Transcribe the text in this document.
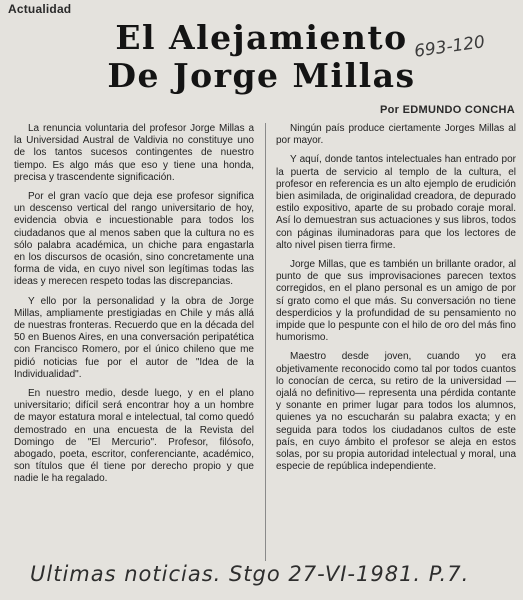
Actualidad
El Alejamiento
De Jorge Millas
693-120
Por EDMUNDO CONCHA

La renuncia voluntaria del profesor Jorge Millas a la Universidad Austral de Valdivia no constituye uno de los tantos sucesos contingentes de nuestro tiempo. Es algo más que eso y tiene una honda, precisa y trascendente significación.

Por el gran vacío que deja ese profesor significa un descenso vertical del rango universitario de hoy, evidencia obvia e incuestionable para todos los ciudadanos que al menos saben que la cultura no es sólo palabra académica, un chiche para engastarla en los discursos de ocasión, sino concretamente una forma de vida, en cuyo nivel son legítimas todas las ideas y merecen respeto todas las discrepancias.

Y ello por la personalidad y la obra de Jorge Millas, ampliamente prestigiadas en Chile y más allá de nuestras fronteras. Recuerdo que en la década del 50 en Buenos Aires, en una conversación peripatética con Francisco Romero, por el único chileno que me pidió noticias fue por el autor de "Idea de la Individualidad".

En nuestro medio, desde luego, y en el plano universitario; difícil será encontrar hoy a un hombre de mayor estatura moral e intelectual, tal como quedó demostrado en una encuesta de la Revista del Domingo de "El Mercurio". Profesor, filósofo, abogado, poeta, escritor, conferenciante, académico, son títulos que él tiene por derecho propio y que nadie le ha regalado.

Ningún país produce ciertamente Jorges Millas al por mayor.

Y aquí, donde tantos intelectuales han entrado por la puerta de servicio al templo de la cultura, el profesor en referencia es un alto ejemplo de erudición bien asimilada, de originalidad creadora, de depurado estilo expositivo, aparte de su probado coraje moral. Así lo demuestran sus actuaciones y sus libros, todos con páginas iluminadoras para que los lectores de alto nivel pisen tierra firme.

Jorge Millas, que es también un brillante orador, al punto de que sus improvisaciones parecen textos corregidos, en el plano personal es un amigo de por sí grato como el que más. Su conversación no tiene desperdicios y la profundidad de su pensamiento no impide que lo pespunte con el hilo de oro del más fino humorismo.

Maestro desde joven, cuando yo era objetivamente reconocido como tal por todos cuantos lo conocían de cerca, su retiro de la universidad —ojalá no definitivo— representa una pérdida contante y sonante en primer lugar para todos los alumnos, quienes ya no escucharán su palabra exacta; y en seguida para todos los ciudadanos cultos de este país, en cuyo ámbito el profesor se aleja en estos solas, por su propia autoridad intelectual y moral, una especie de república independiente.

Ultimas noticias. Stgo 27-VI-1981. P.7.
